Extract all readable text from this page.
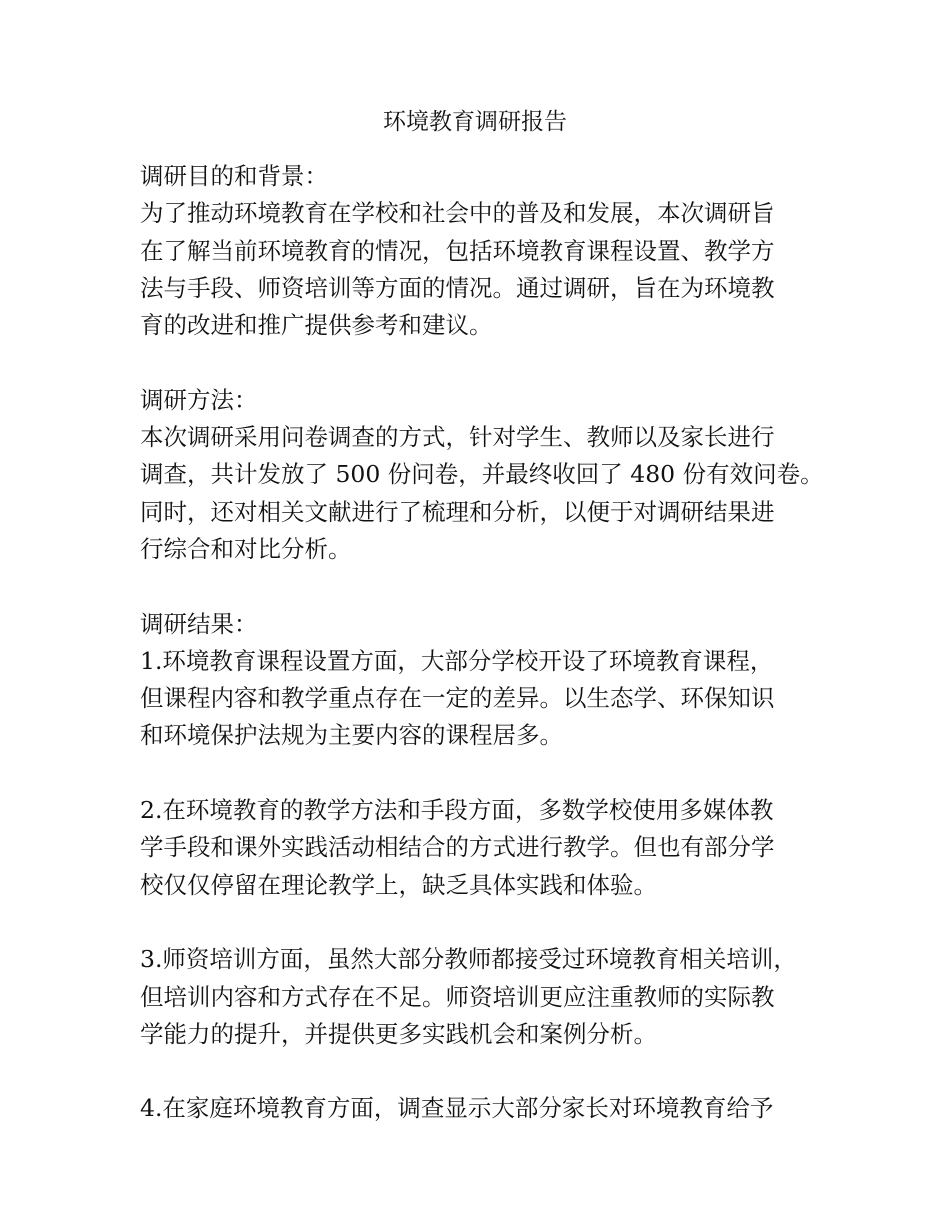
环境教育调研报告
调研目的和背景：
为了推动环境教育在学校和社会中的普及和发展，本次调研旨
在了解当前环境教育的情况，包括环境教育课程设置、教学方
法与手段、师资培训等方面的情况。通过调研，旨在为环境教
育的改进和推广提供参考和建议。
调研方法：
本次调研采用问卷调查的方式，针对学生、教师以及家长进行
调查，共计发放了 500 份问卷，并最终收回了 480 份有效问卷。
同时，还对相关文献进行了梳理和分析，以便于对调研结果进
行综合和对比分析。
调研结果：
1.环境教育课程设置方面，大部分学校开设了环境教育课程，
但课程内容和教学重点存在一定的差异。以生态学、环保知识
和环境保护法规为主要内容的课程居多。
2.在环境教育的教学方法和手段方面，多数学校使用多媒体教
学手段和课外实践活动相结合的方式进行教学。但也有部分学
校仅仅停留在理论教学上，缺乏具体实践和体验。
3.师资培训方面，虽然大部分教师都接受过环境教育相关培训，
但培训内容和方式存在不足。师资培训更应注重教师的实际教
学能力的提升，并提供更多实践机会和案例分析。
4.在家庭环境教育方面，调查显示大部分家长对环境教育给予
